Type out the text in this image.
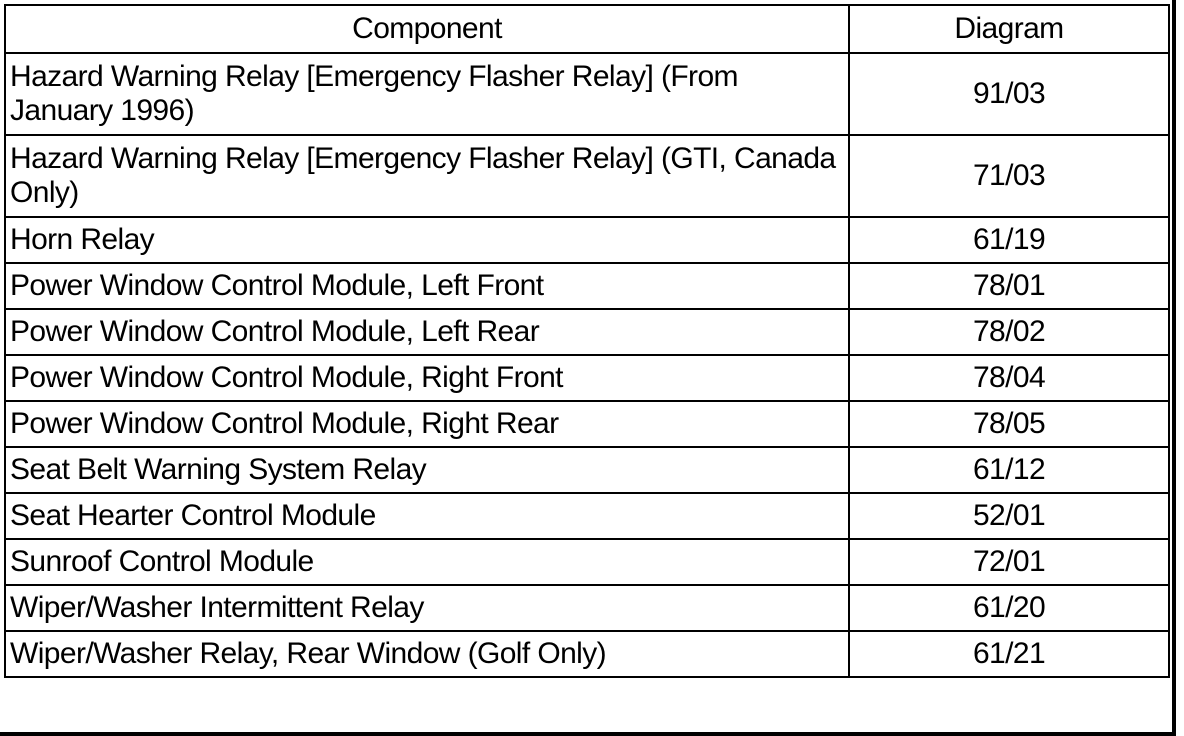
Component	Diagram
Hazard Warning Relay [Emergency Flasher Relay] (From January 1996)	91/03
Hazard Warning Relay [Emergency Flasher Relay] (GTI, Canada Only)	71/03
Horn Relay	61/19
Power Window Control Module, Left Front	78/01
Power Window Control Module, Left Rear	78/02
Power Window Control Module, Right Front	78/04
Power Window Control Module, Right Rear	78/05
Seat Belt Warning System Relay	61/12
Seat Hearter Control Module	52/01
Sunroof Control Module	72/01
Wiper/Washer Intermittent Relay	61/20
Wiper/Washer Relay, Rear Window (Golf Only)	61/21
